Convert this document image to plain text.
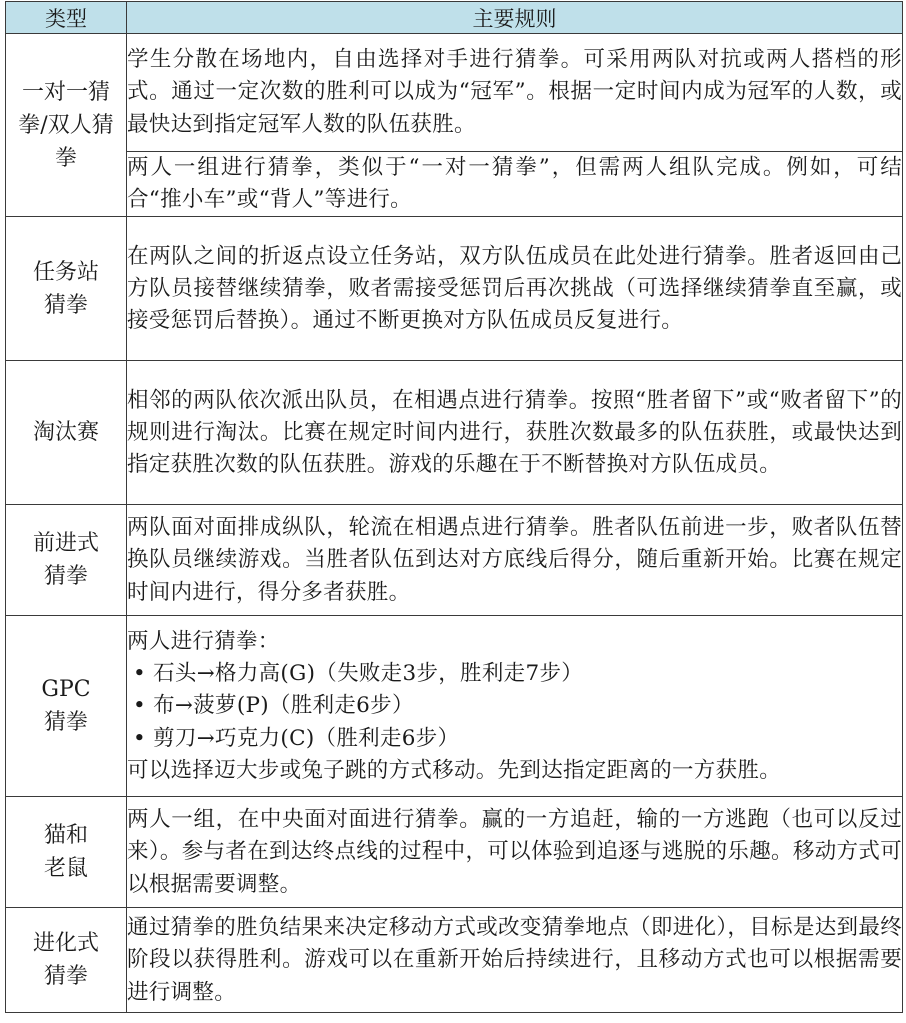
类型	主要规则
一对一猜拳/双人猜拳	学生分散在场地内，自由选择对手进行猜拳。可采用两队对抗或两人搭档的形式。通过一定次数的胜利可以成为“冠军”。根据一定时间内成为冠军的人数，或最快达到指定冠军人数的队伍获胜。
	两人一组进行猜拳，类似于“一对一猜拳”，但需两人组队完成。例如，可结合“推小车”或“背人”等进行。
任务站猜拳	在两队之间的折返点设立任务站，双方队伍成员在此处进行猜拳。胜者返回由己方队员接替继续猜拳，败者需接受惩罚后再次挑战（可选择继续猜拳直至赢，或接受惩罚后替换）。通过不断更换对方队伍成员反复进行。
淘汰赛	相邻的两队依次派出队员，在相遇点进行猜拳。按照“胜者留下”或“败者留下”的规则进行淘汰。比赛在规定时间内进行，获胜次数最多的队伍获胜，或最快达到指定获胜次数的队伍获胜。游戏的乐趣在于不断替换对方队伍成员。
前进式猜拳	两队面对面排成纵队，轮流在相遇点进行猜拳。胜者队伍前进一步，败者队伍替换队员继续游戏。当胜者队伍到达对方底线后得分，随后重新开始。比赛在规定时间内进行，得分多者获胜。
GPC猜拳	两人进行猜拳：
• 石头→格力高(G)（失败走3步，胜利走7步）
• 布→菠萝(P)（胜利走6步）
• 剪刀→巧克力(C)（胜利走6步）
可以选择迈大步或兔子跳的方式移动。先到达指定距离的一方获胜。

猫和老鼠	两人一组，在中央面对面进行猜拳。赢的一方追赶，输的一方逃跑（也可以反过来）。参与者在到达终点线的过程中，可以体验到追逐与逃脱的乐趣。移动方式可以根据需要调整。
进化式猜拳	通过猜拳的胜负结果来决定移动方式或改变猜拳地点（即进化），目标是达到最终阶段以获得胜利。游戏可以在重新开始后持续进行，且移动方式也可以根据需要进行调整。
